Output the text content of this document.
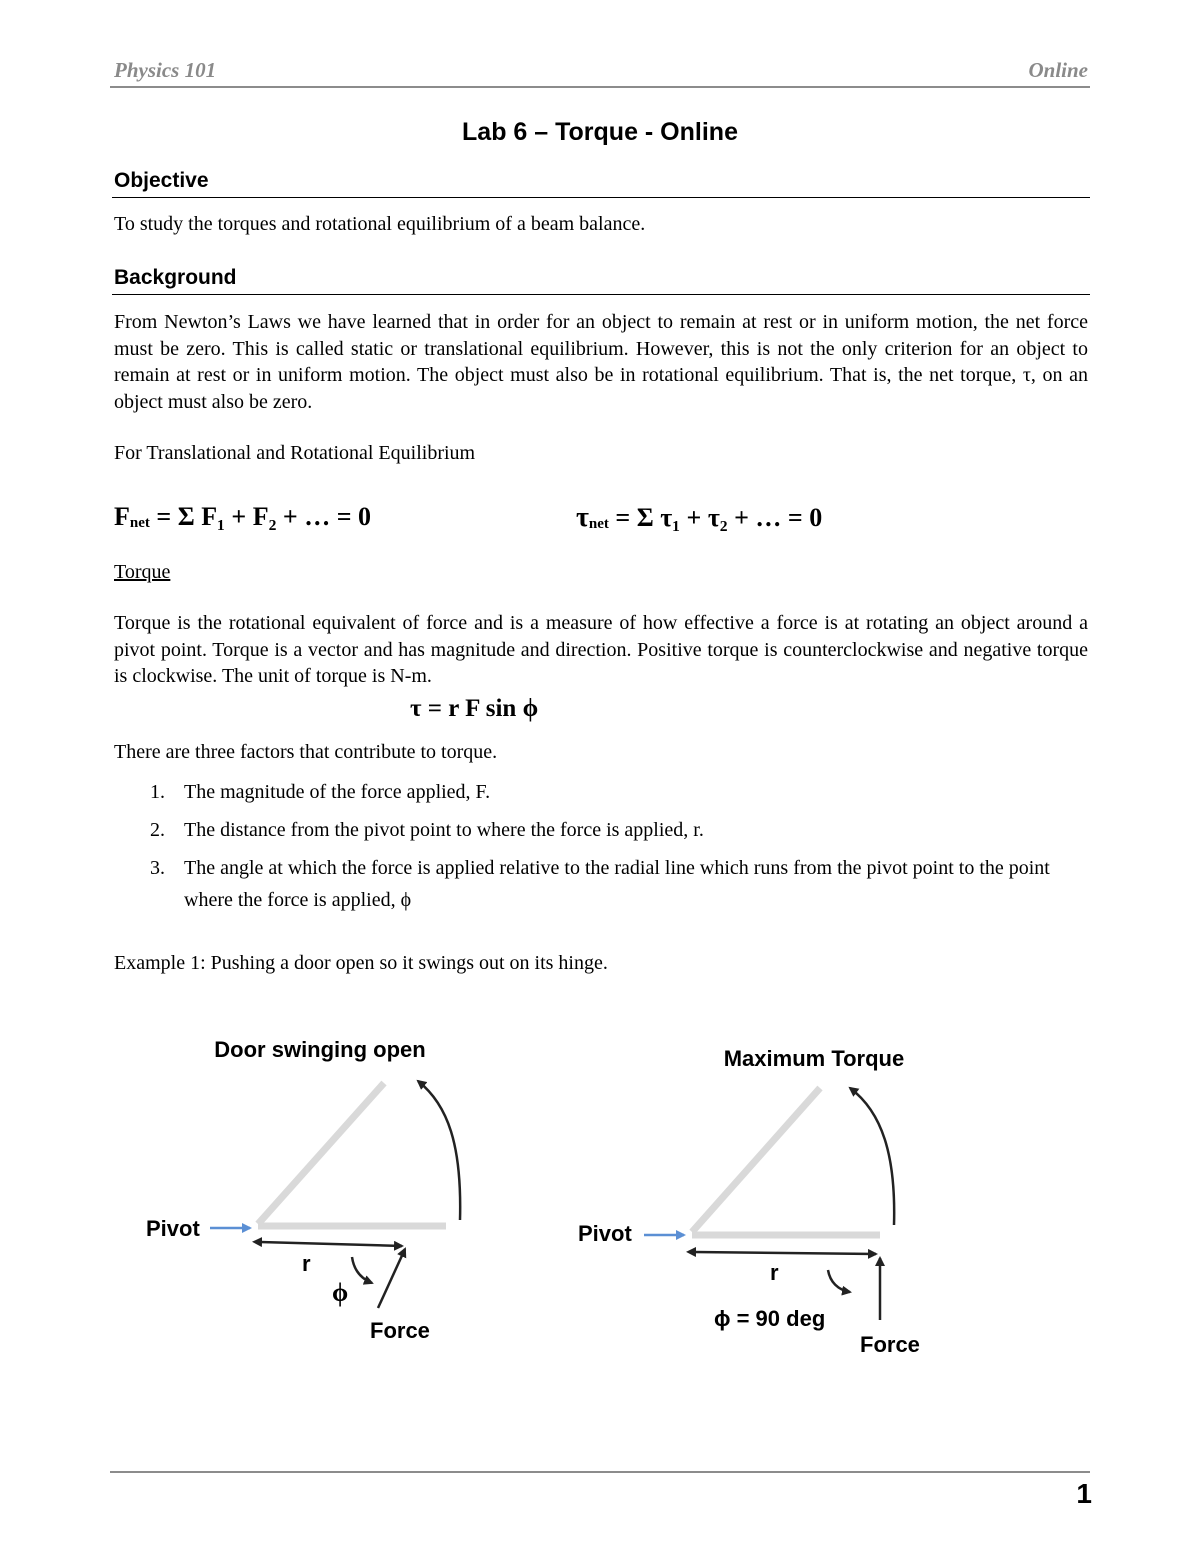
Physics 101	Online
Lab 6 – Torque - Online
Objective
To study the torques and rotational equilibrium of a beam balance.
Background
From Newton’s Laws we have learned that in order for an object to remain at rest or in uniform motion, the net force must be zero. This is called static or translational equilibrium. However, this is not the only criterion for an object to remain at rest or in uniform motion. The object must also be in rotational equilibrium. That is, the net torque, τ, on an object must also be zero.
For Translational and Rotational Equilibrium
$F_{net} = \Sigma$ F₁ + F₂ + … = 0	$\tau_{net} = \Sigma$ τ₁ + τ₂ + … = 0
Torque
Torque is the rotational equivalent of force and is a measure of how effective a force is at rotating an object around a pivot point. Torque is a vector and has magnitude and direction. Positive torque is counterclockwise and negative torque is clockwise. The unit of torque is N-m.
τ = r F sin ϕ
There are three factors that contribute to torque.
1. The magnitude of the force applied, F.
2. The distance from the pivot point to where the force is applied, r.
3. The angle at which the force is applied relative to the radial line which runs from the pivot point to the point where the force is applied, ϕ
Example 1: Pushing a door open so it swings out on its hinge.
Door swinging open
Pivot
r
ϕ
Force
Maximum Torque
Pivot
r
ϕ = 90 deg
Force
1
